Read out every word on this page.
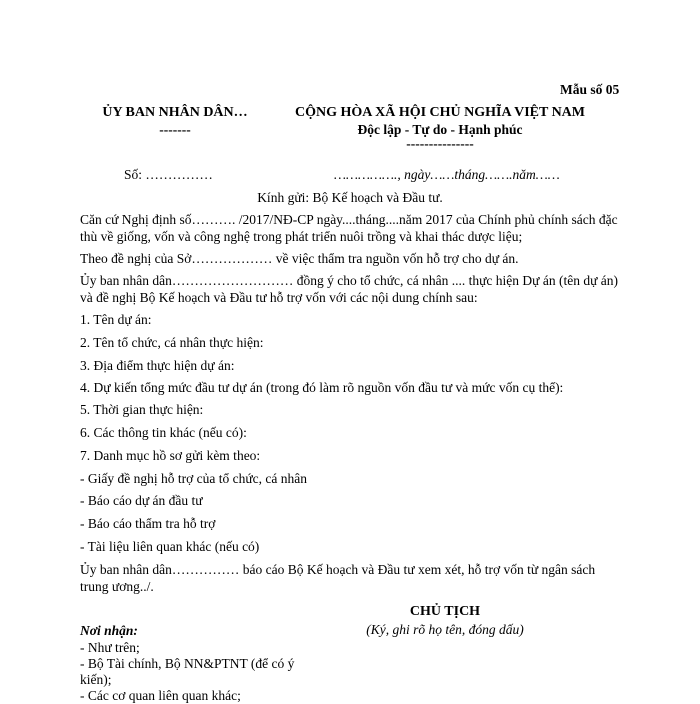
Mẫu số 05
ỦY BAN NHÂN DÂN…
-------
CỘNG HÒA XÃ HỘI CHỦ NGHĨA VIỆT NAM
Độc lập - Tự do - Hạnh phúc
---------------
Số: ……………	……………., ngày……tháng…….năm……
Kính gửi: Bộ Kế hoạch và Đầu tư.
Căn cứ Nghị định số………. /2017/NĐ-CP ngày....tháng....năm 2017 của Chính phủ chính sách đặc thù về giống, vốn và công nghệ trong phát triển nuôi trồng và khai thác dược liệu;
Theo đề nghị của Sở……………… về việc thẩm tra nguồn vốn hỗ trợ cho dự án.
Ủy ban nhân dân……………………… đồng ý cho tổ chức, cá nhân .... thực hiện Dự án (tên dự án) và đề nghị Bộ Kế hoạch và Đầu tư hỗ trợ vốn với các nội dung chính sau:
1. Tên dự án:
2. Tên tổ chức, cá nhân thực hiện:
3. Địa điểm thực hiện dự án:
4. Dự kiến tổng mức đầu tư dự án (trong đó làm rõ nguồn vốn đầu tư và mức vốn cụ thể):
5. Thời gian thực hiện:
6. Các thông tin khác (nếu có):
7. Danh mục hồ sơ gửi kèm theo:
- Giấy đề nghị hỗ trợ của tổ chức, cá nhân
- Báo cáo dự án đầu tư
- Báo cáo thẩm tra hỗ trợ
- Tài liệu liên quan khác (nếu có)
Ủy ban nhân dân…………… báo cáo Bộ Kế hoạch và Đầu tư xem xét, hỗ trợ vốn từ ngân sách trung ương../.
CHỦ TỊCH
(Ký, ghi rõ họ tên, đóng dấu)
Nơi nhận:
- Như trên;
- Bộ Tài chính, Bộ NN&PTNT (để có ý
kiến);
- Các cơ quan liên quan khác;
